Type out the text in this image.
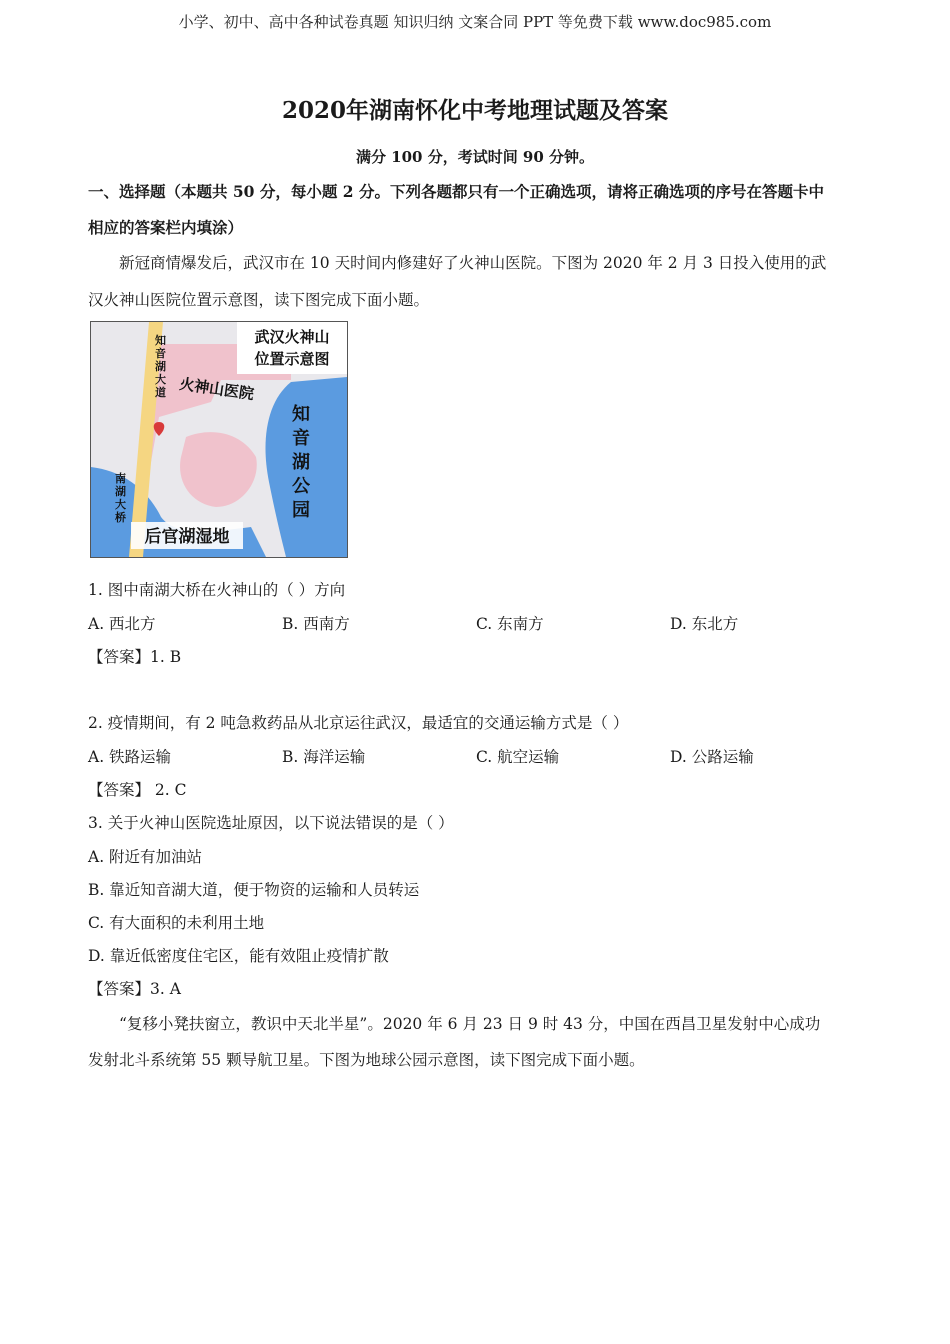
小学、初中、高中各种试卷真题 知识归纳 文案合同 PPT 等免费下载 www.doc985.com
2020年湖南怀化中考地理试题及答案
满分 100 分，考试时间 90 分钟。
一、选择题（本题共 50 分，每小题 2 分。下列各题都只有一个正确选项，请将正确选项的序号在答题卡中
相应的答案栏内填涂）
新冠商情爆发后，武汉市在 10 天时间内修建好了火神山医院。下图为 2020 年 2 月 3 日投入使用的武
汉火神山医院位置示意图，读下图完成下面小题。
武汉火神山
位置示意图
火神山医院
知
音
湖
大
道
南
湖
大
桥
知
音
湖
公
园
后官湖湿地
1. 图中南湖大桥在火神山的（ ）方向
A. 西北方	B. 西南方	C. 东南方	D. 东北方
【答案】1. B
2. 疫情期间，有 2 吨急救药品从北京运往武汉，最适宜的交通运输方式是（ ）
A. 铁路运输	B. 海洋运输	C. 航空运输	D. 公路运输
【答案】 2. C
3. 关于火神山医院选址原因，以下说法错误的是（ ）
A. 附近有加油站
B. 靠近知音湖大道，便于物资的运输和人员转运
C. 有大面积的未利用土地
D. 靠近低密度住宅区，能有效阻止疫情扩散
【答案】3. A
“复移小凳扶窗立，教识中天北半星”。2020 年 6 月 23 日 9 时 43 分，中国在西昌卫星发射中心成功
发射北斗系统第 55 颗导航卫星。下图为地球公园示意图，读下图完成下面小题。
